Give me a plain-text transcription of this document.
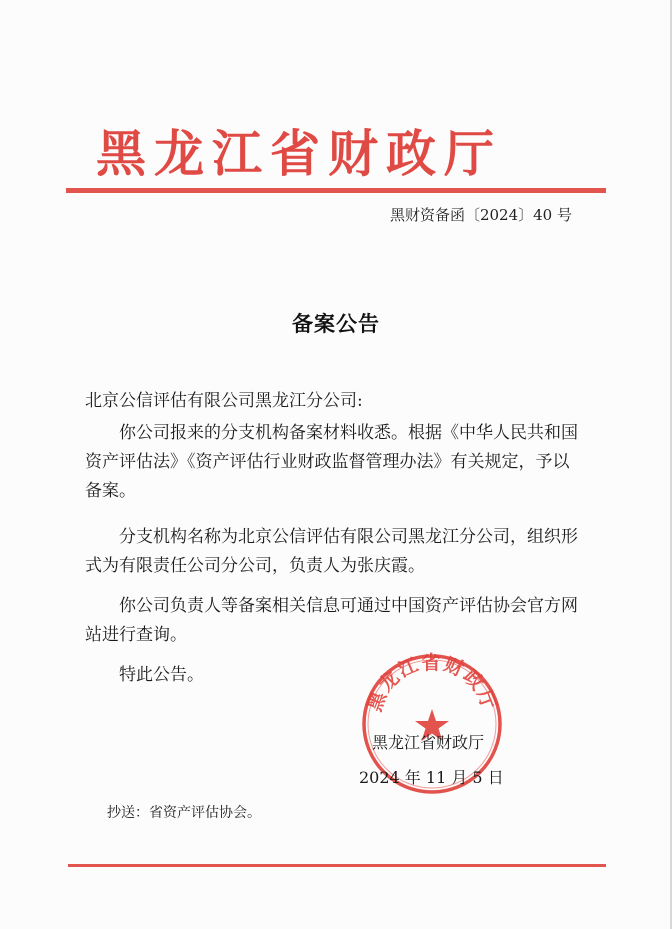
黑龙江省财政厅
黑财资备函〔2024〕40 号
备案公告
北京公信评估有限公司黑龙江分公司:
你公司报来的分支机构备案材料收悉。根据《中华人民共和国资产评估法》《资产评估行业财政监督管理办法》有关规定，予以备案。
分支机构名称为北京公信评估有限公司黑龙江分公司，组织形式为有限责任公司分公司，负责人为张庆霞。
你公司负责人等备案相关信息可通过中国资产评估协会官方网站进行查询。
特此公告。
黑龙江省财政厅
黑龙江省财政厅
2024 年 11 月 5 日
抄送：省资产评估协会。
